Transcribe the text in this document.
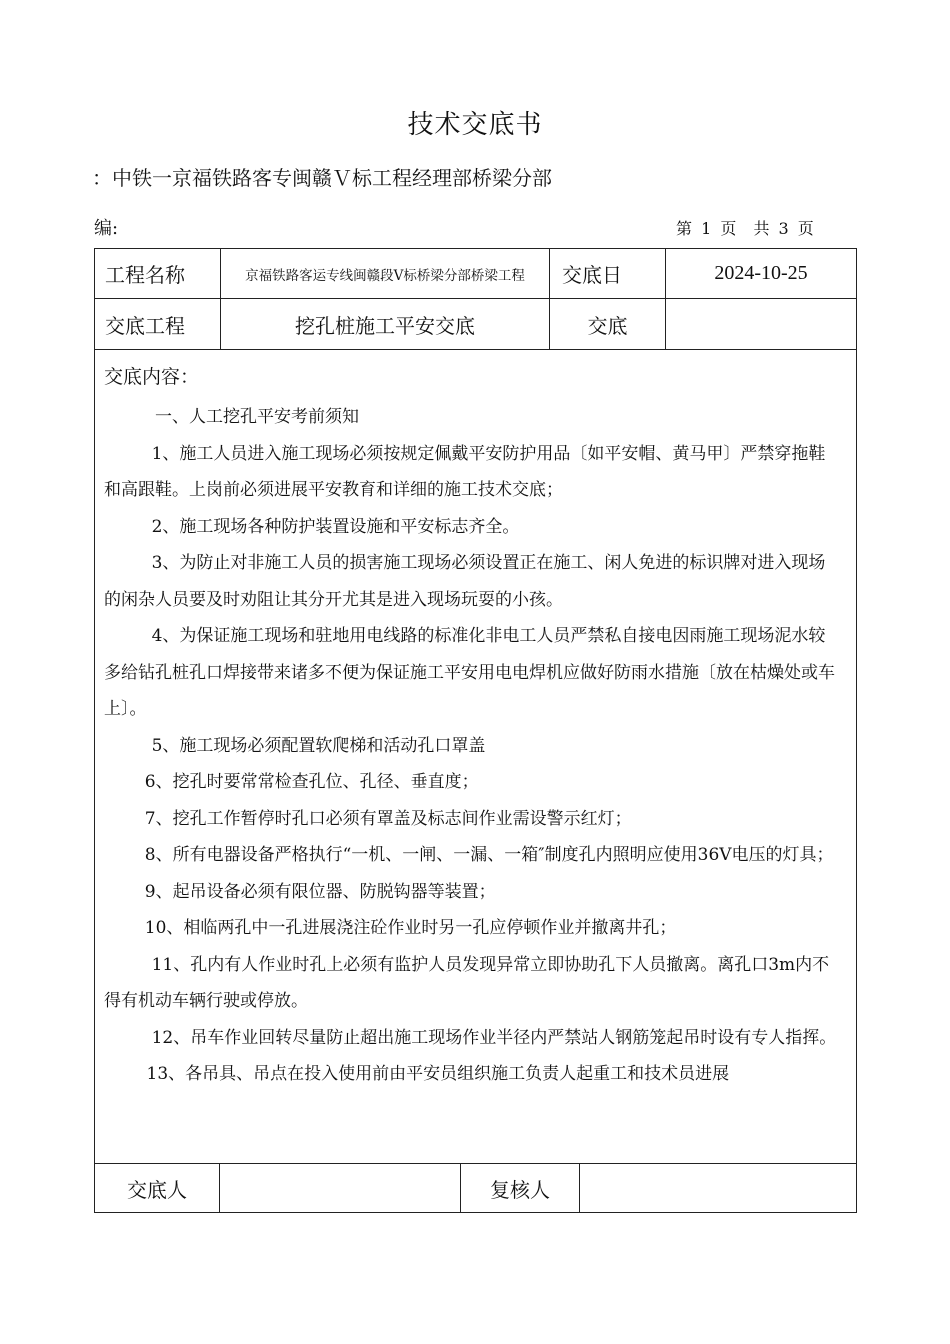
技术交底书
：中铁一京福铁路客专闽赣Ｖ标工程经理部桥梁分部
编:	第 1 页 共 3 页
工程名称	京福铁路客运专线闽赣段Ⅴ标桥梁分部桥梁工程	交底日	2024-10-25
交底工程	挖孔桩施工平安交底	交底
交底内容：

一、人工挖孔平安考前须知

1、施工人员进入施工现场必须按规定佩戴平安防护用品〔如平安帽、黄马甲〕严禁穿拖鞋和高跟鞋。上岗前必须进展平安教育和详细的施工技术交底；

2、施工现场各种防护装置设施和平安标志齐全。

3、为防止对非施工人员的损害施工现场必须设置正在施工、闲人免进的标识牌对进入现场的闲杂人员要及时劝阻让其分开尤其是进入现场玩耍的小孩。

4、为保证施工现场和驻地用电线路的标准化非电工人员严禁私自接电因雨施工现场泥水较多给钻孔桩孔口焊接带来诸多不便为保证施工平安用电电焊机应做好防雨水措施〔放在枯燥处或车上〕。

5、施工现场必须配置软爬梯和活动孔口罩盖

6、挖孔时要常常检查孔位、孔径、垂直度；

7、挖孔工作暂停时孔口必须有罩盖及标志间作业需设警示红灯；

8、所有电器设备严格执行“一机、一闸、一漏、一箱″制度孔内照明应使用36V电压的灯具；

9、起吊设备必须有限位器、防脱钩器等装置；

10、相临两孔中一孔进展浇注砼作业时另一孔应停顿作业并撤离井孔；

11、孔内有人作业时孔上必须有监护人员发现异常立即协助孔下人员撤离。离孔口3m内不得有机动车辆行驶或停放。

12、吊车作业回转尽量防止超出施工现场作业半径内严禁站人钢筋笼起吊时设有专人指挥。

13、各吊具、吊点在投入使用前由平安员组织施工负责人起重工和技术员进展

交底人	复核人
